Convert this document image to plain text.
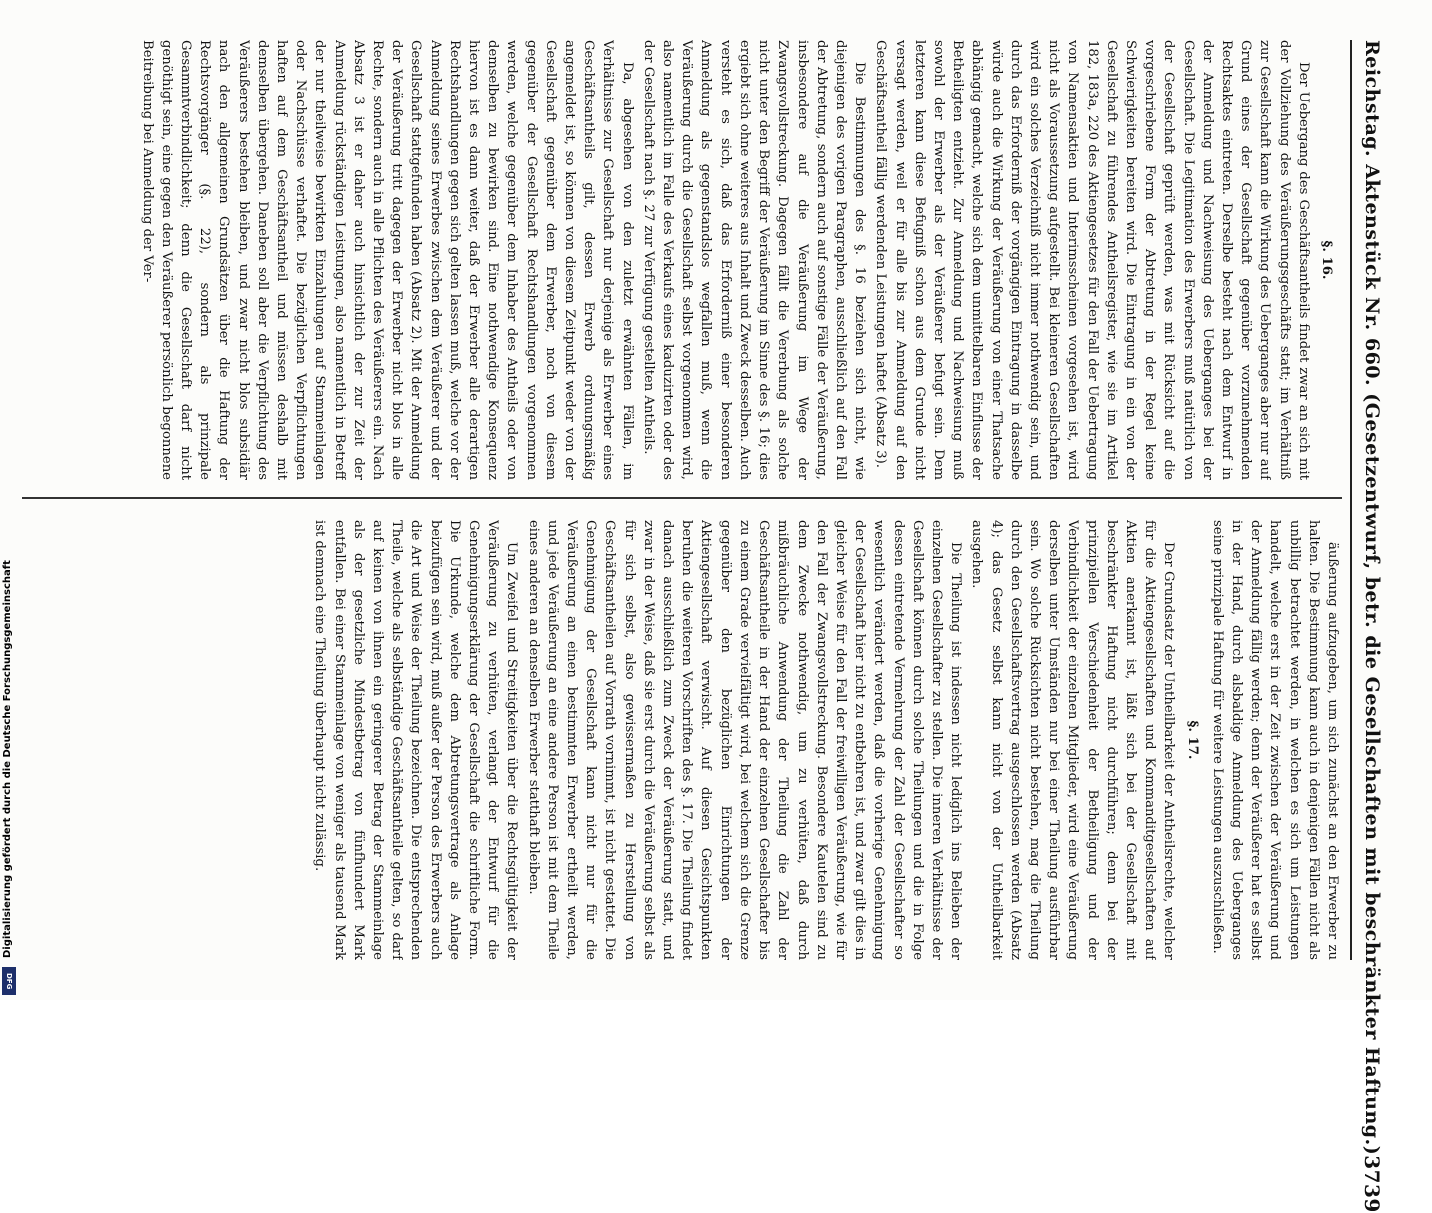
Reichstag. Aktenstück Nr. 660. (Gesetzentwurf, betr. die Gesellschaften mit beschränkter Haftung.)
3739

§. 16.

Der Uebergang des Geschäftsantheils findet zwar an sich mit der Vollziehung des Veräußerungsgeschäfts statt; im Verhältniß zur Gesellschaft kann die Wirkung des Ueberganges aber nur auf Grund eines der Gesellschaft gegenüber vorzunehmenden Rechtsaktes eintreten. Derselbe besteht nach dem Entwurf in der Anmeldung und Nachweisung des Ueberganges bei der Gesellschaft. Die Legitimation des Erwerbers muß natürlich von der Gesellschaft geprüft werden, was mit Rücksicht auf die vorgeschriebene Form der Abtretung in der Regel keine Schwierigkeiten bereiten wird. Die Eintragung in ein von der Gesellschaft zu führendes Antheilsregister, wie sie im Artikel 182, 183a, 220 des Aktiengesetzes für den Fall der Uebertragung von Namensaktien und Interimsscheinen vorgesehen ist, wird nicht als Voraussetzung aufgestellt. Bei kleineren Gesellschaften wird ein solches Verzeichniß nicht immer nothwendig sein, und durch das Erforderniß der vorgängigen Eintragung in dasselbe würde auch die Wirkung der Veräußerung von einer Thatsache abhängig gemacht, welche sich dem unmittelbaren Einflusse der Betheiligten entzieht. Zur Anmeldung und Nachweisung muß sowohl der Erwerber als der Veräußerer befugt sein. Dem letzteren kann diese Befugniß schon aus dem Grunde nicht versagt werden, weil er für alle bis zur Anmeldung auf den Geschäftsantheil fällig werdenden Leistungen haftet (Absatz 3).

Die Bestimmungen des §. 16 beziehen sich nicht, wie diejenigen des vorigen Paragraphen, ausschließlich auf den Fall der Abtretung, sondern auch auf sonstige Fälle der Veräußerung, insbesondere auf die Veräußerung im Wege der Zwangsvollstreckung. Dagegen fällt die Vererbung als solche nicht unter den Begriff der Veräußerung im Sinne des §. 16; dies ergiebt sich ohne weiteres aus Inhalt und Zweck desselben. Auch versteht es sich, daß das Erforderniß einer besonderen Anmeldung als gegenstandslos wegfallen muß, wenn die Veräußerung durch die Gesellschaft selbst vorgenommen wird, also namentlich im Falle des Verkaufs eines kaduzirten oder des der Gesellschaft nach §. 27 zur Verfügung gestellten Antheils.

Da, abgesehen von den zuletzt erwähnten Fällen, im Verhältnisse zur Gesellschaft nur derjenige als Erwerber eines Geschäftsantheils gilt, dessen Erwerb ordnungsmäßig angemeldet ist, so können von diesem Zeitpunkt weder von der Gesellschaft gegenüber dem Erwerber, noch von diesem gegenüber der Gesellschaft Rechtshandlungen vorgenommen werden, welche gegenüber dem Inhaber des Antheils oder von demselben zu bewirken sind. Eine nothwendige Konsequenz hiervon ist es dann weiter, daß der Erwerber alle derartigen Rechtshandlungen gegen sich gelten lassen muß, welche vor der Anmeldung seines Erwerbes zwischen dem Veräußerer und der Gesellschaft stattgefunden haben (Absatz 2). Mit der Anmeldung der Veräußerung tritt dagegen der Erwerber nicht blos in alle Rechte, sondern auch in alle Pflichten des Veräußerers ein. Nach Absatz 3 ist er daher auch hinsichtlich der zur Zeit der Anmeldung rückständigen Leistungen, also namentlich in Betreff der nur theilweise bewirkten Einzahlungen auf Stammeinlagen oder Nachschüsse verhaftet. Die bezüglichen Verpflichtungen haften auf dem Geschäftsantheil und müssen deshalb mit demselben übergehen. Daneben soll aber die Verpflichtung des Veräußerers bestehen bleiben, und zwar nicht blos subsidiär nach den allgemeinen Grundsätzen über die Haftung der Rechtsvorgänger (§. 22), sondern als prinzipale Gesammtverbindlichkeit; denn die Gesellschaft darf nicht genöthigt sein, eine gegen den Veräußerer persönlich begonnene Beitreibung bei Anmeldung der Ver-

äußerung aufzugeben, um sich zunächst an den Erwerber zu halten. Die Bestimmung kann auch in denjenigen Fällen nicht als unbillig betrachtet werden, in welchen es sich um Leistungen handelt, welche erst in der Zeit zwischen der Veräußerung und der Anmeldung fällig werden; denn der Veräußerer hat es selbst in der Hand, durch alsbaldige Anmeldung des Ueberganges seine prinzipale Haftung für weitere Leistungen auszuschließen.

§. 17.

Der Grundsatz der Untheilbarkeit der Antheilsrechte, welcher für die Aktiengesellschaften und Kommanditgesellschaften auf Aktien anerkannt ist, läßt sich bei der Gesellschaft mit beschränkter Haftung nicht durchführen; denn bei der prinzipiellen Verschiedenheit der Betheiligung und der Verbindlichkeit der einzelnen Mitglieder, wird eine Veräußerung derselben unter Umständen nur bei einer Theilung ausführbar sein. Wo solche Rücksichten nicht bestehen, mag die Theilung durch den Gesellschaftsvertrag ausgeschlossen werden (Absatz 4); das Gesetz selbst kann nicht von der Untheilbarkeit ausgehen.

Die Theilung ist indessen nicht lediglich ins Belieben der einzelnen Gesellschafter zu stellen. Die inneren Verhältnisse der Gesellschaft können durch solche Theilungen und die in Folge dessen eintretende Vermehrung der Zahl der Gesellschafter so wesentlich verändert werden, daß die vorherige Genehmigung der Gesellschaft hier nicht zu entbehren ist, und zwar gilt dies in gleicher Weise für den Fall der freiwilligen Veräußerung, wie für den Fall der Zwangsvollstreckung. Besondere Kautelen sind zu dem Zwecke nothwendig, um zu verhüten, daß durch mißbräuchliche Anwendung der Theilung die Zahl der Geschäftsantheile in der Hand der einzelnen Gesellschafter bis zu einem Grade vervielfältigt wird, bei welchem sich die Grenze gegenüber den bezüglichen Einrichtungen der Aktiengesellschaft verwischt. Auf diesen Gesichtspunkten beruhen die weiteren Vorschriften des §. 17. Die Theilung findet danach ausschließlich zum Zweck der Veräußerung statt, und zwar in der Weise, daß sie erst durch die Veräußerung selbst als für sich selbst, also gewissermaßen zu Herstellung von Geschäftsantheilen auf Vorrath vornimmt, ist nicht gestattet. Die Genehmigung der Gesellschaft kann nicht nur für die Veräußerung an einen bestimmten Erwerber ertheilt werden, und jede Veräußerung an eine andere Person ist mit dem Theile eines anderen an denselben Erwerber statthaft bleiben.

Um Zweifel und Streitigkeiten über die Rechtsgültigkeit der Veräußerung zu verhüten, verlangt der Entwurf für die Genehmigungserklärung der Gesellschaft die schriftliche Form. Die Urkunde, welche dem Abtretungsvertrage als Anlage beizufügen sein wird, muß außer der Person des Erwerbers auch die Art und Weise der Theilung bezeichnen. Die entsprechenden Theile, welche als selbständige Geschäftsantheile gelten, so darf auf keinen von ihnen ein geringerer Betrag der Stammeinlage als der gesetzliche Mindestbetrag von fünfhundert Mark entfallen. Bei einer Stammeinlage von weniger als tausend Mark ist demnach eine Theilung überhaupt nicht zulässig.

Digitalisierung gefördert durch die Deutsche Forschungsgemeinschaft
DFG
